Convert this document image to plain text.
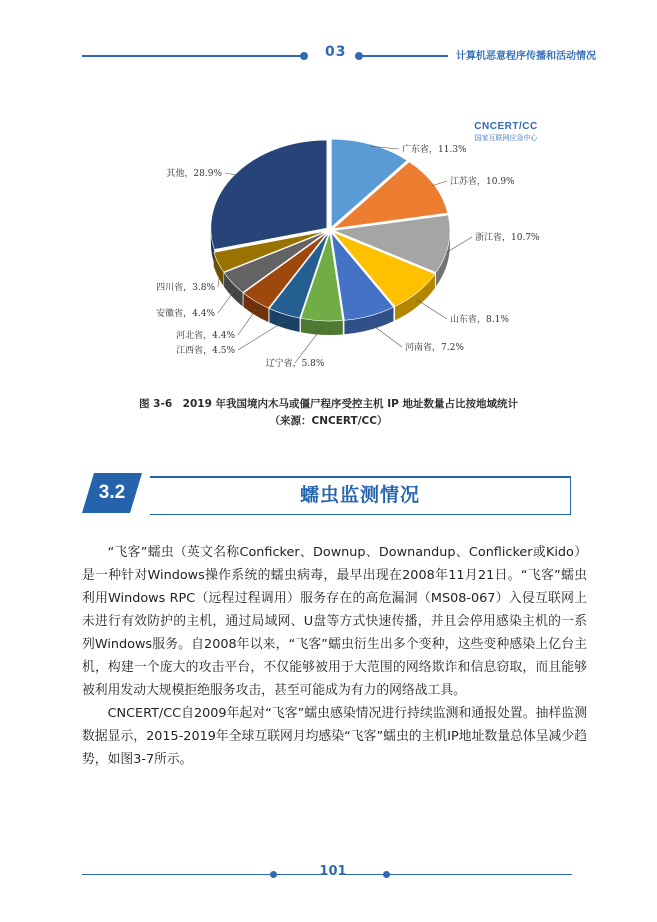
03	计算机恶意程序传播和活动情况
广东省，11.3%
江苏省，10.9%
浙江省，10.7%
山东省，8.1%
河南省，7.2%
辽宁省，5.8%
江西省，4.5%
河北省，4.4%
安徽省，4.4%
四川省，3.8%
其他，28.9%
CNCERT/CC
国家互联网应急中心
图 3-6　2019 年我国境内木马或僵尸程序受控主机 IP 地址数量占比按地域统计
（来源：CNCERT/CC）
3.2	蠕虫监测情况

“飞客”蠕虫（英文名称Conficker、Downup、Downandup、Conflicker或Kido）是一种针对Windows操作系统的蠕虫病毒，最早出现在2008年11月21日。“飞客”蠕虫利用Windows RPC（远程过程调用）服务存在的高危漏洞（MS08-067）入侵互联网上未进行有效防护的主机，通过局域网、U盘等方式快速传播，并且会停用感染主机的一系列Windows服务。自2008年以来，“飞客”蠕虫衍生出多个变种，这些变种感染上亿台主机，构建一个庞大的攻击平台，不仅能够被用于大范围的网络欺诈和信息窃取，而且能够被利用发动大规模拒绝服务攻击，甚至可能成为有力的网络战工具。

CNCERT/CC自2009年起对“飞客”蠕虫感染情况进行持续监测和通报处置。抽样监测数据显示，2015-2019年全球互联网月均感染“飞客”蠕虫的主机IP地址数量总体呈减少趋势，如图3-7所示。

101
